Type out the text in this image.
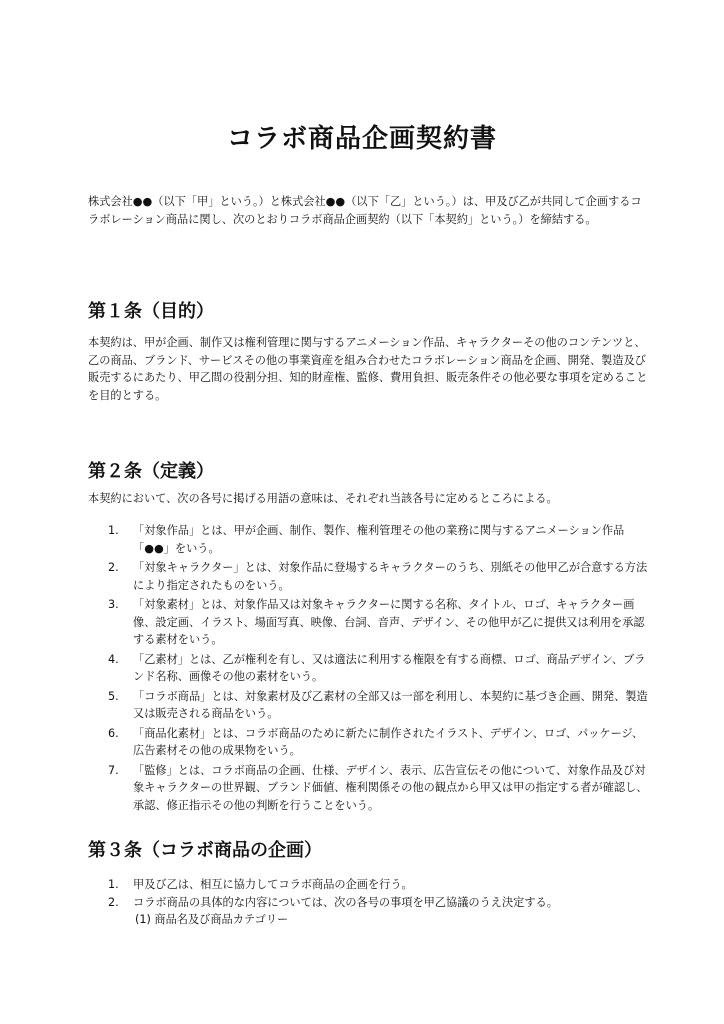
コラボ商品企画契約書

株式会社●●（以下「甲」という。）と株式会社●●（以下「乙」という。）は、甲及び乙が共同して企画するコラボレーション商品に関し、次のとおりコラボ商品企画契約（以下「本契約」という。）を締結する。

第１条（目的）

本契約は、甲が企画、制作又は権利管理に関与するアニメーション作品、キャラクターその他のコンテンツと、乙の商品、ブランド、サービスその他の事業資産を組み合わせたコラボレーション商品を企画、開発、製造及び販売するにあたり、甲乙間の役割分担、知的財産権、監修、費用負担、販売条件その他必要な事項を定めることを目的とする。

第２条（定義）

本契約において、次の各号に掲げる用語の意味は、それぞれ当該各号に定めるところによる。

1.	「対象作品」とは、甲が企画、制作、製作、権利管理その他の業務に関与するアニメーション作品「●●」をいう。
2.	「対象キャラクター」とは、対象作品に登場するキャラクターのうち、別紙その他甲乙が合意する方法により指定されたものをいう。
3.	「対象素材」とは、対象作品又は対象キャラクターに関する名称、タイトル、ロゴ、キャラクター画像、設定画、イラスト、場面写真、映像、台詞、音声、デザイン、その他甲が乙に提供又は利用を承認する素材をいう。
4.	「乙素材」とは、乙が権利を有し、又は適法に利用する権限を有する商標、ロゴ、商品デザイン、ブランド名称、画像その他の素材をいう。
5.	「コラボ商品」とは、対象素材及び乙素材の全部又は一部を利用し、本契約に基づき企画、開発、製造又は販売される商品をいう。
6.	「商品化素材」とは、コラボ商品のために新たに制作されたイラスト、デザイン、ロゴ、パッケージ、広告素材その他の成果物をいう。
7.	「監修」とは、コラボ商品の企画、仕様、デザイン、表示、広告宣伝その他について、対象作品及び対象キャラクターの世界観、ブランド価値、権利関係その他の観点から甲又は甲の指定する者が確認し、承認、修正指示その他の判断を行うことをいう。
第３条（コラボ商品の企画）
1.	甲及び乙は、相互に協力してコラボ商品の企画を行う。
2.	コラボ商品の具体的な内容については、次の各号の事項を甲乙協議のうえ決定する。
(1) 商品名及び商品カテゴリー
